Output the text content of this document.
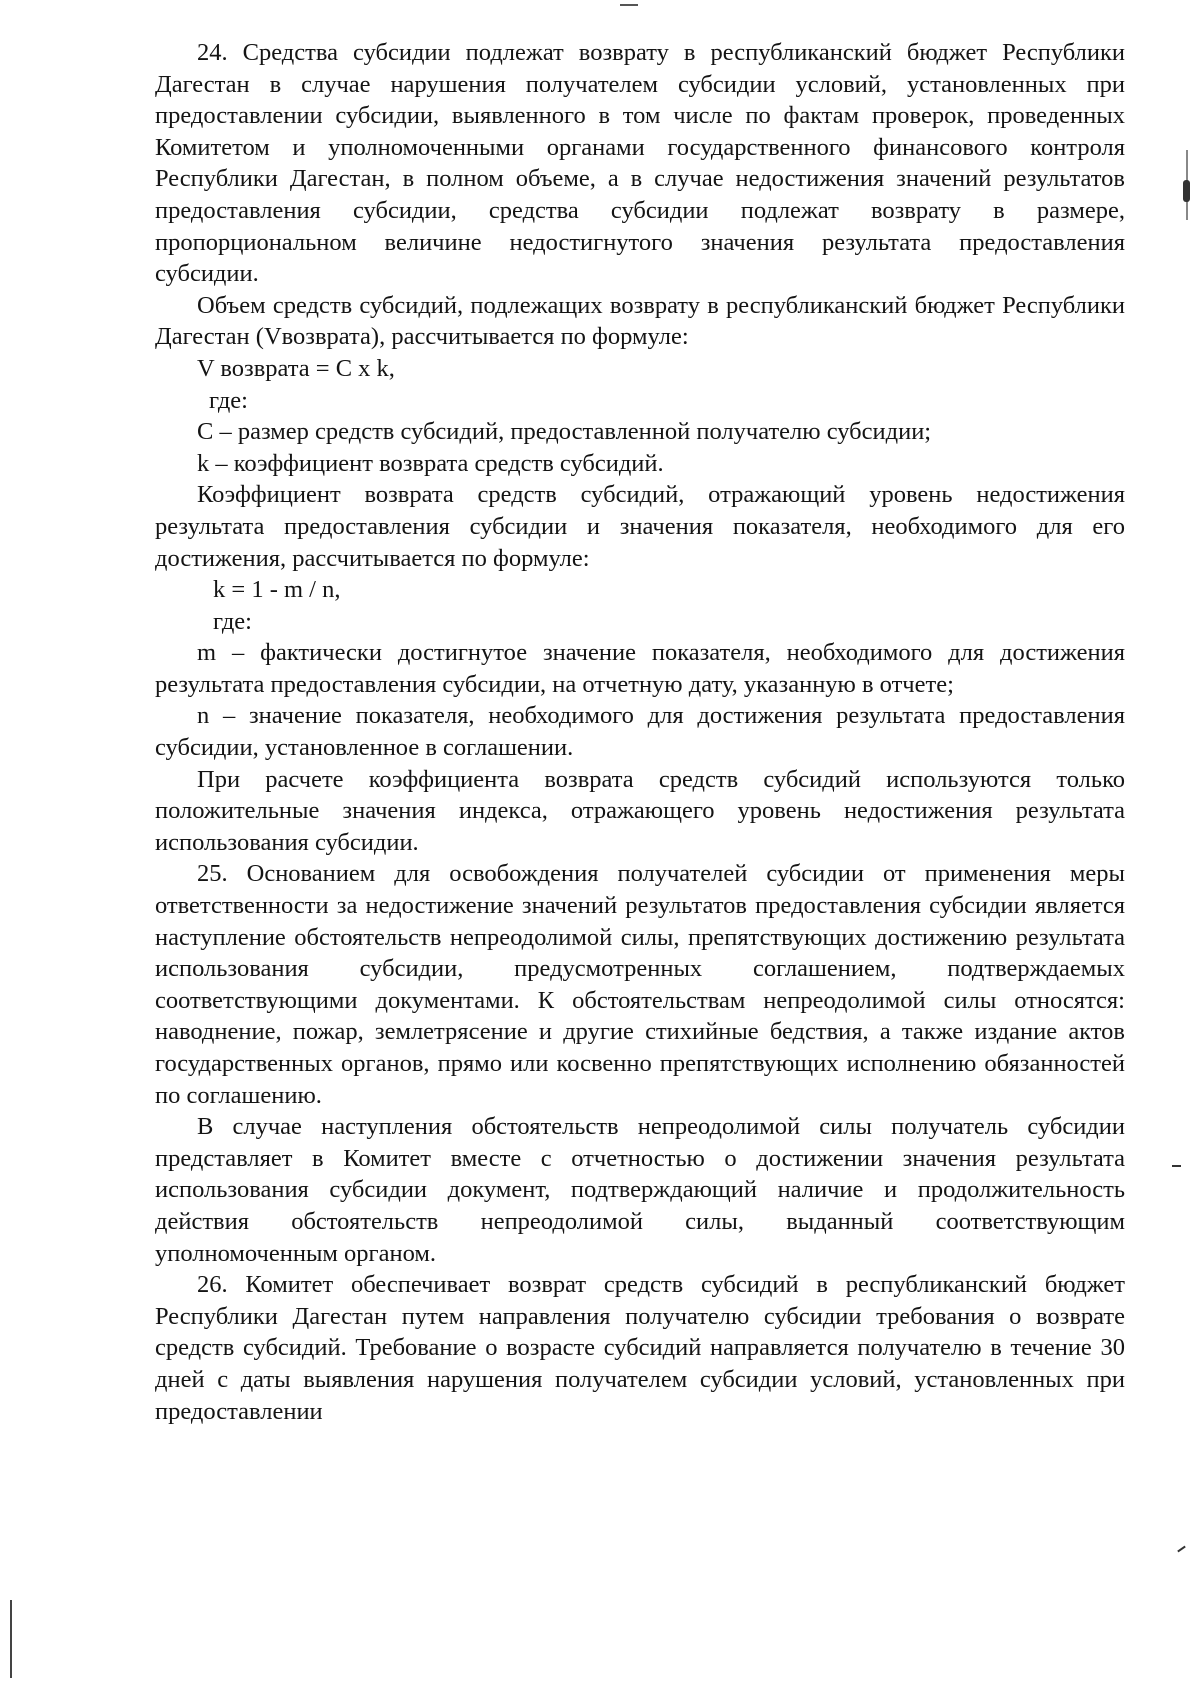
24. Средства субсидии подлежат возврату в республиканский бюджет Республики Дагестан в случае нарушения получателем субсидии условий, установленных при предоставлении субсидии, выявленного в том числе по фактам проверок, проведенных Комитетом и уполномоченными органами государственного финансового контроля Республики Дагестан, в полном объеме, а в случае недостижения значений результатов предоставления субсидии, средства субсидии подлежат возврату в размере, пропорциональном величине недостигнутого значения результата предоставления субсидии.

Объем средств субсидий, подлежащих возврату в республиканский бюджет Республики Дагестан (Vвозврата), рассчитывается по формуле:

V возврата = C x k,

где:

C – размер средств субсидий, предоставленной получателю субсидии;

k – коэффициент возврата средств субсидий.

Коэффициент возврата средств субсидий, отражающий уровень недостижения результата предоставления субсидии и значения показателя, необходимого для его достижения, рассчитывается по формуле:

k = 1 - m / n,

где:

m – фактически достигнутое значение показателя, необходимого для достижения результата предоставления субсидии, на отчетную дату, указанную в отчете;

n – значение показателя, необходимого для достижения результата предоставления субсидии, установленное в соглашении.

При расчете коэффициента возврата средств субсидий используются только положительные значения индекса, отражающего уровень недостижения результата использования субсидии.

25. Основанием для освобождения получателей субсидии от применения меры ответственности за недостижение значений результатов предоставления субсидии является наступление обстоятельств непреодолимой силы, препятствующих достижению результата использования субсидии, предусмотренных соглашением, подтверждаемых соответствующими документами. К обстоятельствам непреодолимой силы относятся: наводнение, пожар, землетрясение и другие стихийные бедствия, а также издание актов государственных органов, прямо или косвенно препятствующих исполнению обязанностей по соглашению.

В случае наступления обстоятельств непреодолимой силы получатель субсидии представляет в Комитет вместе с отчетностью о достижении значения результата использования субсидии документ, подтверждающий наличие и продолжительность действия обстоятельств непреодолимой силы, выданный соответствующим уполномоченным органом.

26. Комитет обеспечивает возврат средств субсидий в республиканский бюджет Республики Дагестан путем направления получателю субсидии требования о возврате средств субсидий. Требование о возрасте субсидий направляется получателю в течение 30 дней с даты выявления нарушения получателем субсидии условий, установленных при предоставлении
